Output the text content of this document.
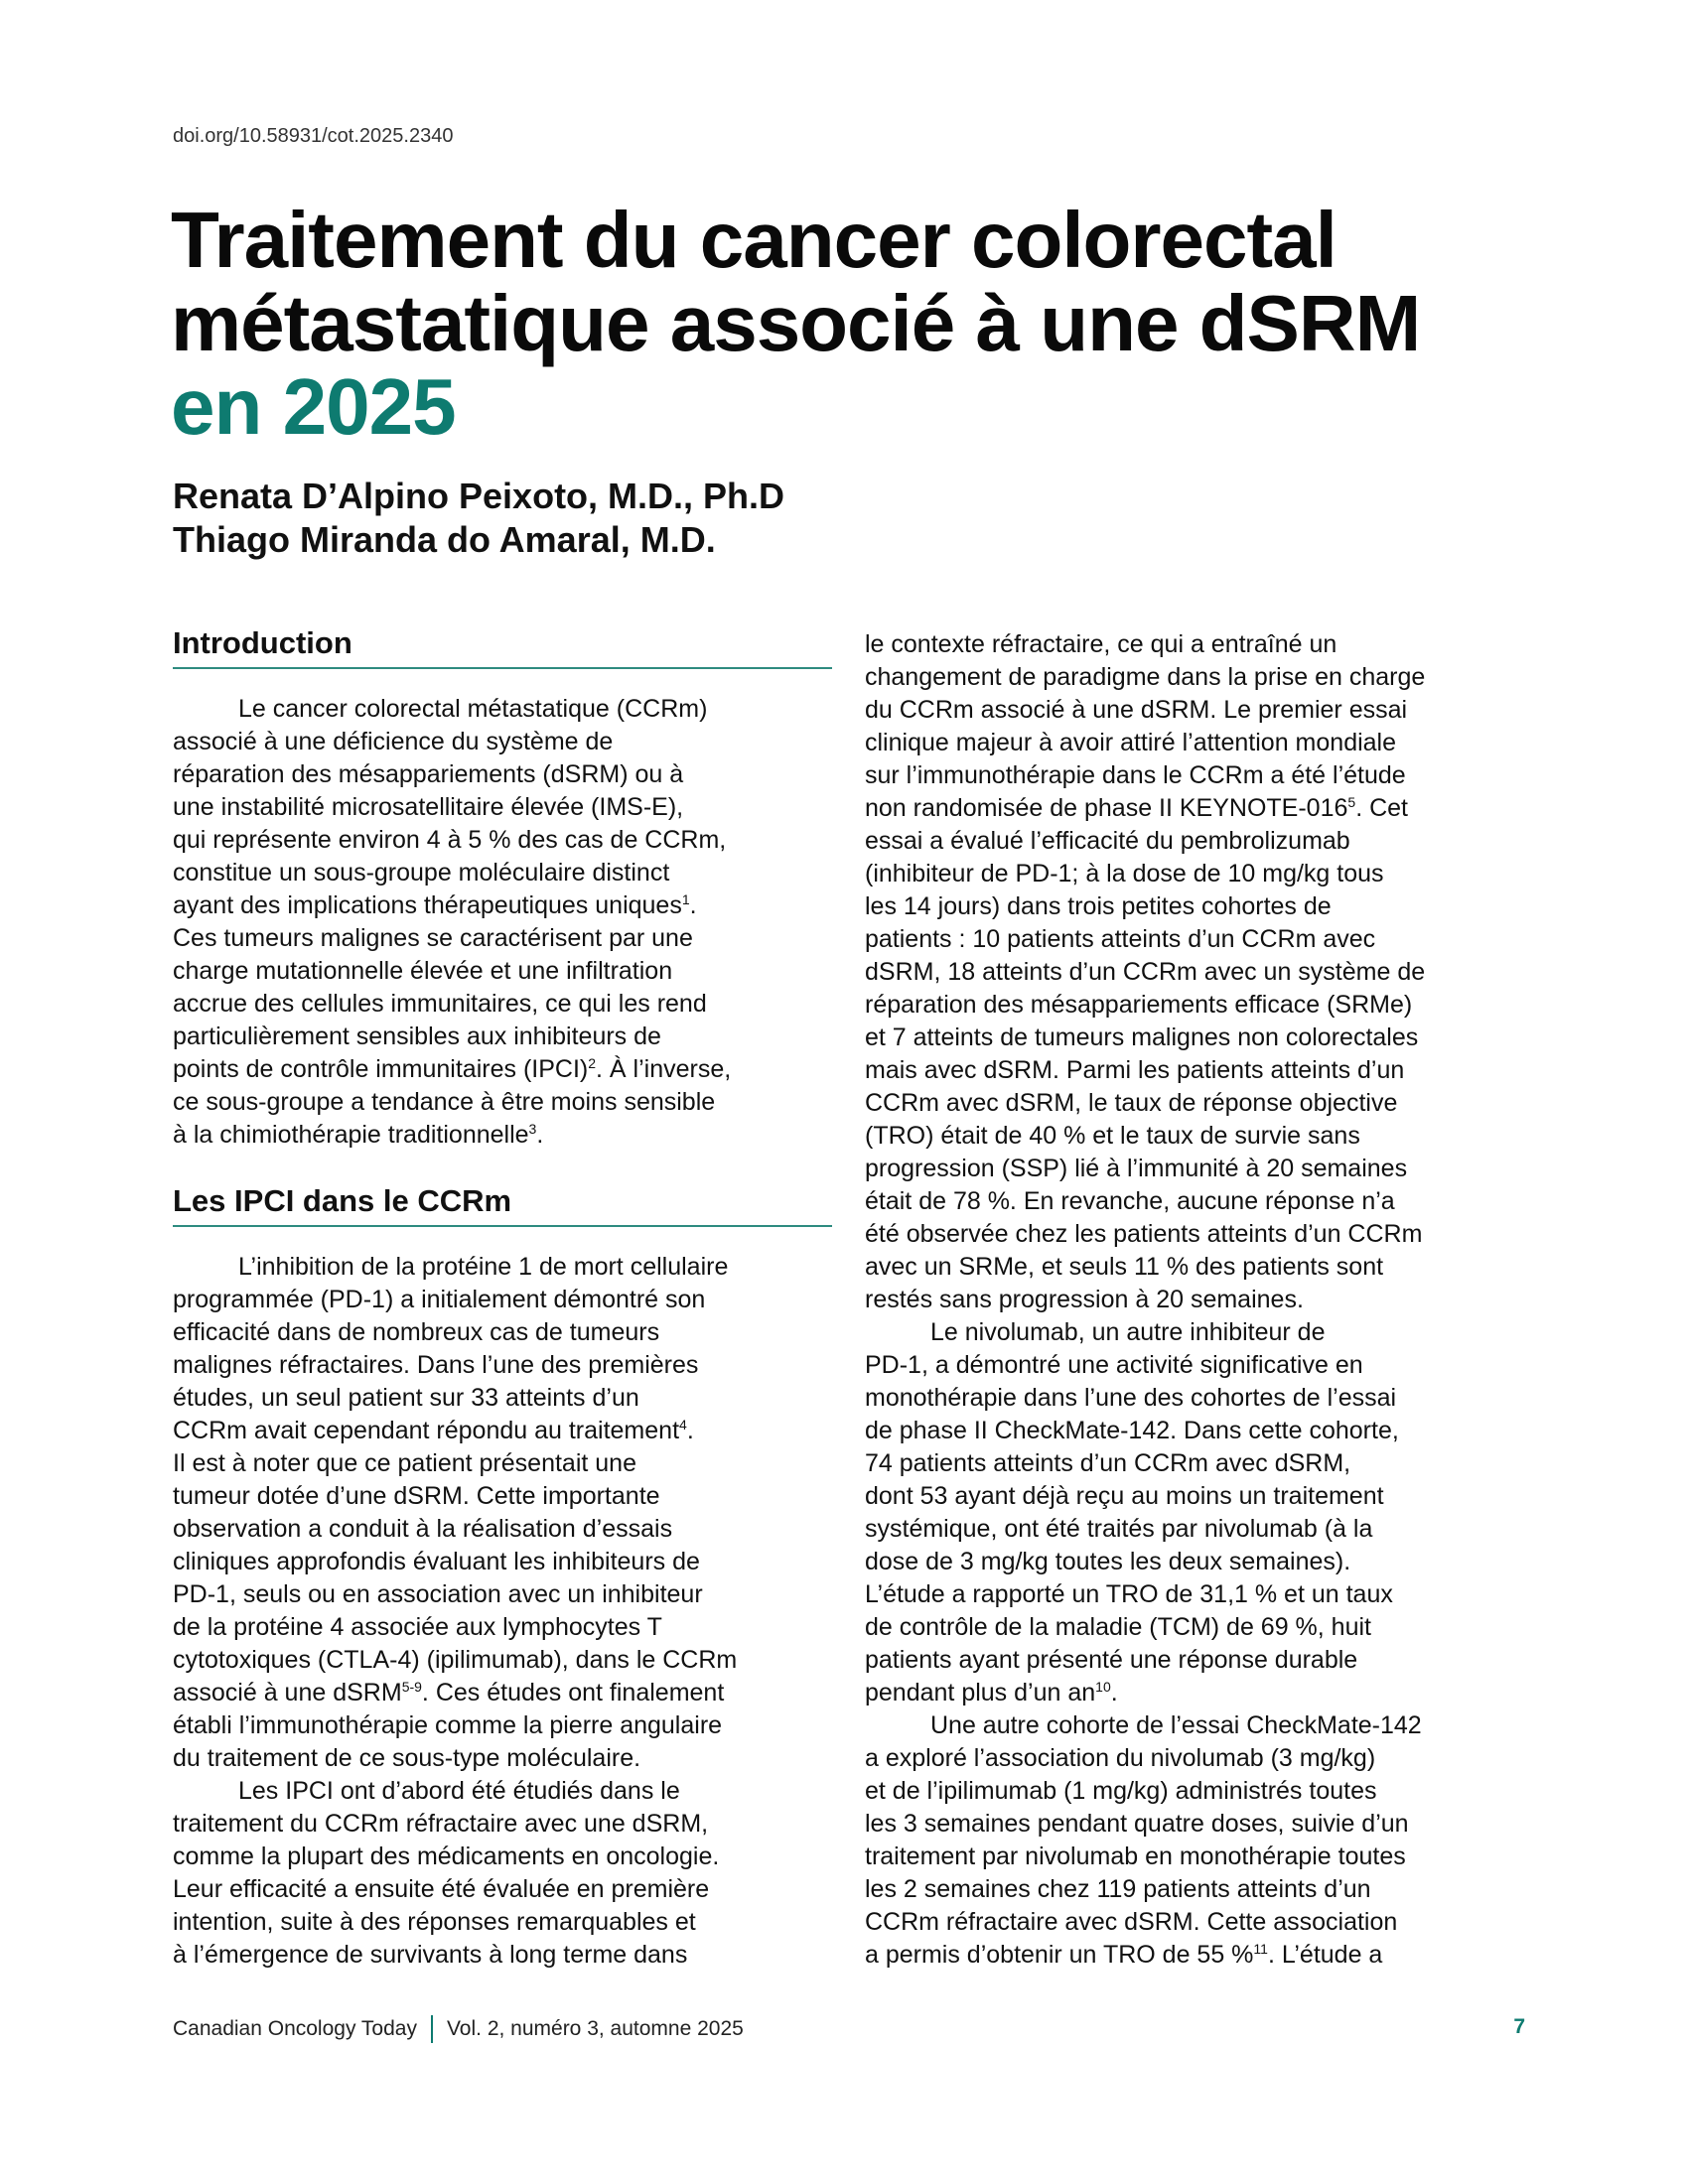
doi.org/10.58931/cot.2025.2340
Traitement du cancer colorectal
métastatique associé à une dSRM
en 2025
Renata D’Alpino Peixoto, M.D., Ph.D
Thiago Miranda do Amaral, M.D.
Introduction
Le cancer colorectal métastatique (CCRm)
associé à une déficience du système de
réparation des mésappariements (dSRM) ou à
une instabilité microsatellitaire élevée (IMS-E),
qui représente environ 4 à 5 % des cas de CCRm,
constitue un sous-groupe moléculaire distinct
ayant des implications thérapeutiques uniques$^1$.
Ces tumeurs malignes se caractérisent par une
charge mutationnelle élevée et une infiltration
accrue des cellules immunitaires, ce qui les rend
particulièrement sensibles aux inhibiteurs de
points de contrôle immunitaires (IPCI)$^2$. À l’inverse,
ce sous-groupe a tendance à être moins sensible
à la chimiothérapie traditionnelle$^3$.
Les IPCI dans le CCRm
L’inhibition de la protéine 1 de mort cellulaire
programmée (PD-1) a initialement démontré son
efficacité dans de nombreux cas de tumeurs
malignes réfractaires. Dans l’une des premières
études, un seul patient sur 33 atteints d’un
CCRm avait cependant répondu au traitement$^4$.
Il est à noter que ce patient présentait une
tumeur dotée d’une dSRM. Cette importante
observation a conduit à la réalisation d’essais
cliniques approfondis évaluant les inhibiteurs de
PD-1, seuls ou en association avec un inhibiteur
de la protéine 4 associée aux lymphocytes T
cytotoxiques (CTLA-4) (ipilimumab), dans le CCRm
associé à une dSRM$^{5-9}$. Ces études ont finalement
établi l’immunothérapie comme la pierre angulaire
du traitement de ce sous-type moléculaire.
Les IPCI ont d’abord été étudiés dans le
traitement du CCRm réfractaire avec une dSRM,
comme la plupart des médicaments en oncologie.
Leur efficacité a ensuite été évaluée en première
intention, suite à des réponses remarquables et
à l’émergence de survivants à long terme dans
le contexte réfractaire, ce qui a entraîné un
changement de paradigme dans la prise en charge
du CCRm associé à une dSRM. Le premier essai
clinique majeur à avoir attiré l’attention mondiale
sur l’immunothérapie dans le CCRm a été l’étude
non randomisée de phase II KEYNOTE-$016^5$. Cet
essai a évalué l’efficacité du pembrolizumab
(inhibiteur de PD-1; à la dose de 10 mg/kg tous
les 14 jours) dans trois petites cohortes de
patients : 10 patients atteints d’un CCRm avec
dSRM, 18 atteints d’un CCRm avec un système de
réparation des mésappariements efficace (SRMe)
et 7 atteints de tumeurs malignes non colorectales
mais avec dSRM. Parmi les patients atteints d’un
CCRm avec dSRM, le taux de réponse objective
(TRO) était de 40 % et le taux de survie sans
progression (SSP) lié à l’immunité à 20 semaines
était de 78 %. En revanche, aucune réponse n’a
été observée chez les patients atteints d’un CCRm
avec un SRMe, et seuls 11 % des patients sont
restés sans progression à 20 semaines.
Le nivolumab, un autre inhibiteur de
PD-1, a démontré une activité significative en
monothérapie dans l’une des cohortes de l’essai
de phase II CheckMate-142. Dans cette cohorte,
74 patients atteints d’un CCRm avec dSRM,
dont 53 ayant déjà reçu au moins un traitement
systémique, ont été traités par nivolumab (à la
dose de 3 mg/kg toutes les deux semaines).
L’étude a rapporté un TRO de 31,1 % et un taux
de contrôle de la maladie (TCM) de 69 %, huit
patients ayant présenté une réponse durable
pendant plus d’un $an^{10}$.
Une autre cohorte de l’essai CheckMate-142
a exploré l’association du nivolumab (3 mg/kg)
et de l’ipilimumab (1 mg/kg) administrés toutes
les 3 semaines pendant quatre doses, suivie d’un
traitement par nivolumab en monothérapie toutes
les 2 semaines chez 119 patients atteints d’un
CCRm réfractaire avec dSRM. Cette association
a permis d’obtenir un TRO de 55 %$^{11}$. L’étude a
Canadian Oncology Today Vol. 2, numéro 3, automne 2025	7
